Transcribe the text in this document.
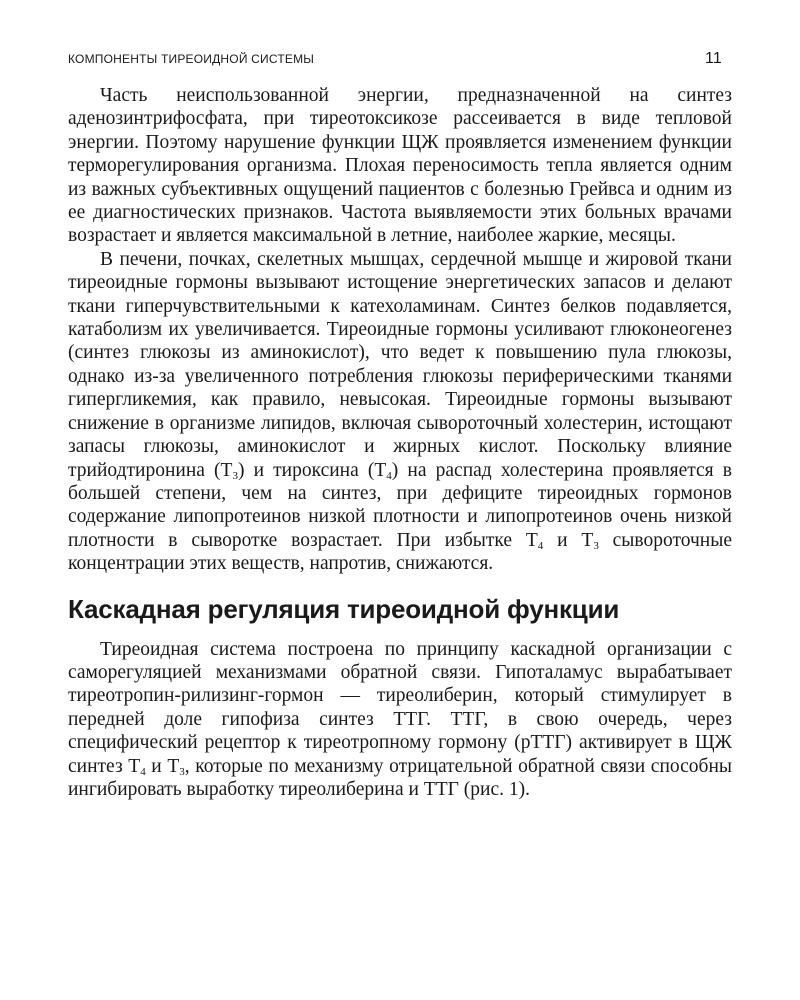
КОМПОНЕНТЫ ТИРЕОИДНОЙ СИСТЕМЫ	11

Часть неиспользованной энергии, предназначенной на синтез аденозинтрифосфата, при тиреотоксикозе рассеивается в виде тепловой энергии. Поэтому нарушение функции ЩЖ проявляется изменением функции терморегулирования организма. Плохая переносимость тепла является одним из важных субъективных ощущений пациентов с болезнью Грейвса и одним из ее диагностических признаков. Частота выявляемости этих больных врачами возрастает и является максимальной в летние, наиболее жаркие, месяцы.

В печени, почках, скелетных мышцах, сердечной мышце и жировой ткани тиреоидные гормоны вызывают истощение энергетических запасов и делают ткани гиперчувствительными к катехоламинам. Синтез белков подавляется, катаболизм их увеличивается. Тиреоидные гормоны усиливают глюконеогенез (синтез глюкозы из аминокислот), что ведет к повышению пула глюкозы, однако из-за увеличенного потребления глюкозы периферическими тканями гипергликемия, как правило, невысокая. Тиреоидные гормоны вызывают снижение в организме липидов, включая сывороточный холестерин, истощают запасы глюкозы, аминокислот и жирных кислот. Поскольку влияние трийодтиронина $(Т_3)$ и тироксина $(Т_4)$ на распад холестерина проявляется в большей степени, чем на синтез, при дефиците тиреоидных гормонов содержание липопротеинов низкой плотности и липопротеинов очень низкой плотности в сыворотке возрастает. При избытке $Т_4$ и $Т_3$ сывороточные концентрации этих веществ, напротив, снижаются.

Каскадная регуляция тиреоидной функции

Тиреоидная система построена по принципу каскадной организации с саморегуляцией механизмами обратной связи. Гипоталамус вырабатывает тиреотропин-рилизинг-гормон — тиреолиберин, который стимулирует в передней доле гипофиза синтез ТТГ. ТТГ, в свою очередь, через специфический рецептор к тиреотропному гормону (рТТГ) активирует в ЩЖ синтез $Т_4$ и $Т_3$, которые по механизму отрицательной обратной связи способны ингибировать выработку тиреолиберина и ТТГ (рис. 1).
